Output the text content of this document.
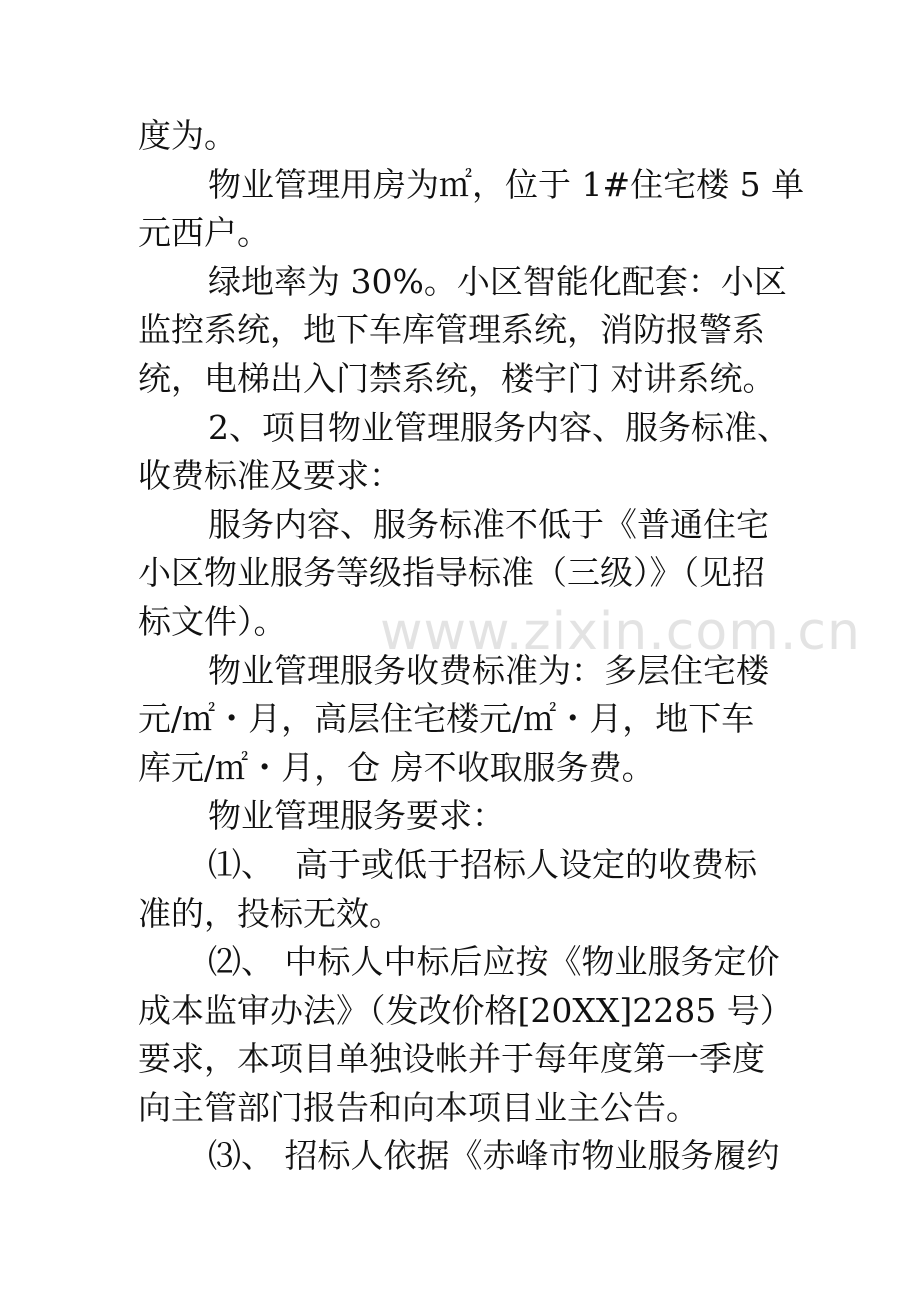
度为。
物业管理用房为㎡，位于 1#住宅楼 5 单
元西户。
绿地率为 30%。小区智能化配套：小区
监控系统，地下车库管理系统，消防报警系
统，电梯出入门禁系统，楼宇门 对讲系统。
2、项目物业管理服务内容、服务标准、
收费标准及要求：
服务内容、服务标准不低于《普通住宅
小区物业服务等级指导标准（三级）》（见招
标文件）。
物业管理服务收费标准为：多层住宅楼
元/㎡・月，高层住宅楼元/㎡・月，地下车
库元/㎡・月，仓 房不收取服务费。
物业管理服务要求：
⑴、  高于或低于招标人设定的收费标
准的，投标无效。
⑵、 中标人中标后应按《物业服务定价
成本监审办法》（发改价格[20XX]2285 号）
要求，本项目单独设帐并于每年度第一季度
向主管部门报告和向本项目业主公告。
⑶、 招标人依据《赤峰市物业服务履约
www.zixin.com.cn
